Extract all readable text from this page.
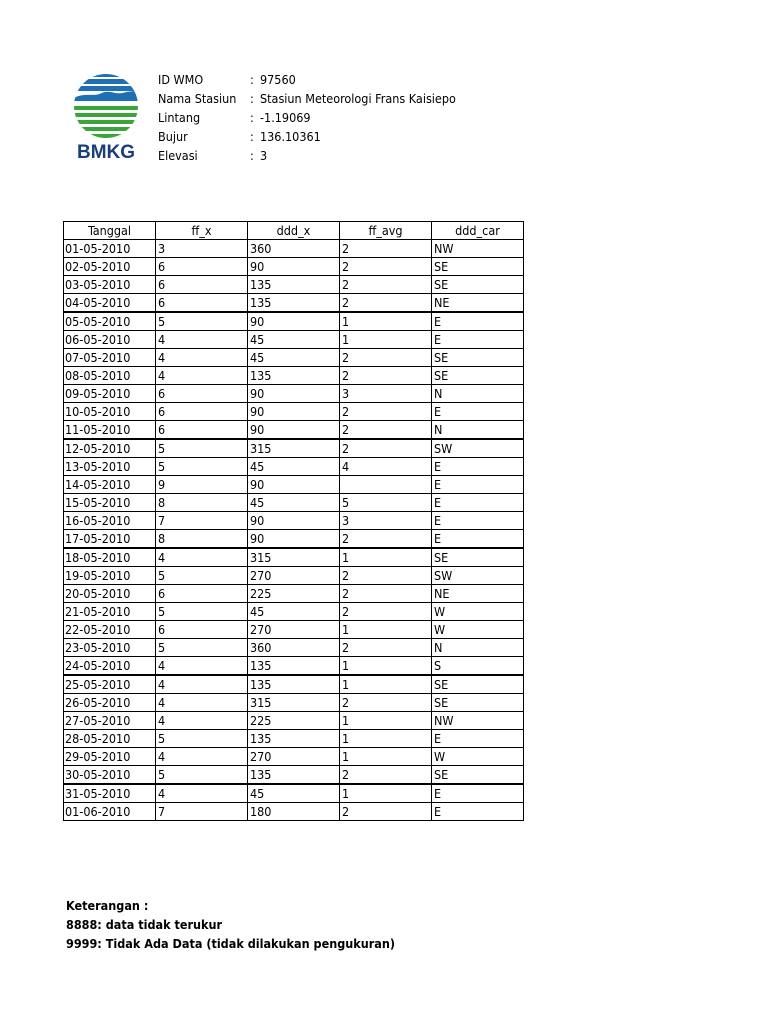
BMKG
ID WMO	: 97560
Nama Stasiun	: Stasiun Meteorologi Frans Kaisiepo
Lintang	: -1.19069
Bujur	: 136.10361
Elevasi	: 3
Tanggal	ff_x	ddd_x	ff_avg	ddd_car
01-05-2010	3	360	2	NW
02-05-2010	6	90	2	SE
03-05-2010	6	135	2	SE
04-05-2010	6	135	2	NE
05-05-2010	5	90	1	E
06-05-2010	4	45	1	E
07-05-2010	4	45	2	SE
08-05-2010	4	135	2	SE
09-05-2010	6	90	3	N
10-05-2010	6	90	2	E
11-05-2010	6	90	2	N
12-05-2010	5	315	2	SW
13-05-2010	5	45	4	E
14-05-2010	9	90		E
15-05-2010	8	45	5	E
16-05-2010	7	90	3	E
17-05-2010	8	90	2	E
18-05-2010	4	315	1	SE
19-05-2010	5	270	2	SW
20-05-2010	6	225	2	NE
21-05-2010	5	45	2	W
22-05-2010	6	270	1	W
23-05-2010	5	360	2	N
24-05-2010	4	135	1	S
25-05-2010	4	135	1	SE
26-05-2010	4	315	2	SE
27-05-2010	4	225	1	NW
28-05-2010	5	135	1	E
29-05-2010	4	270	1	W
30-05-2010	5	135	2	SE
31-05-2010	4	45	1	E
01-06-2010	7	180	2	E
Keterangan :
8888: data tidak terukur
9999: Tidak Ada Data (tidak dilakukan pengukuran)
